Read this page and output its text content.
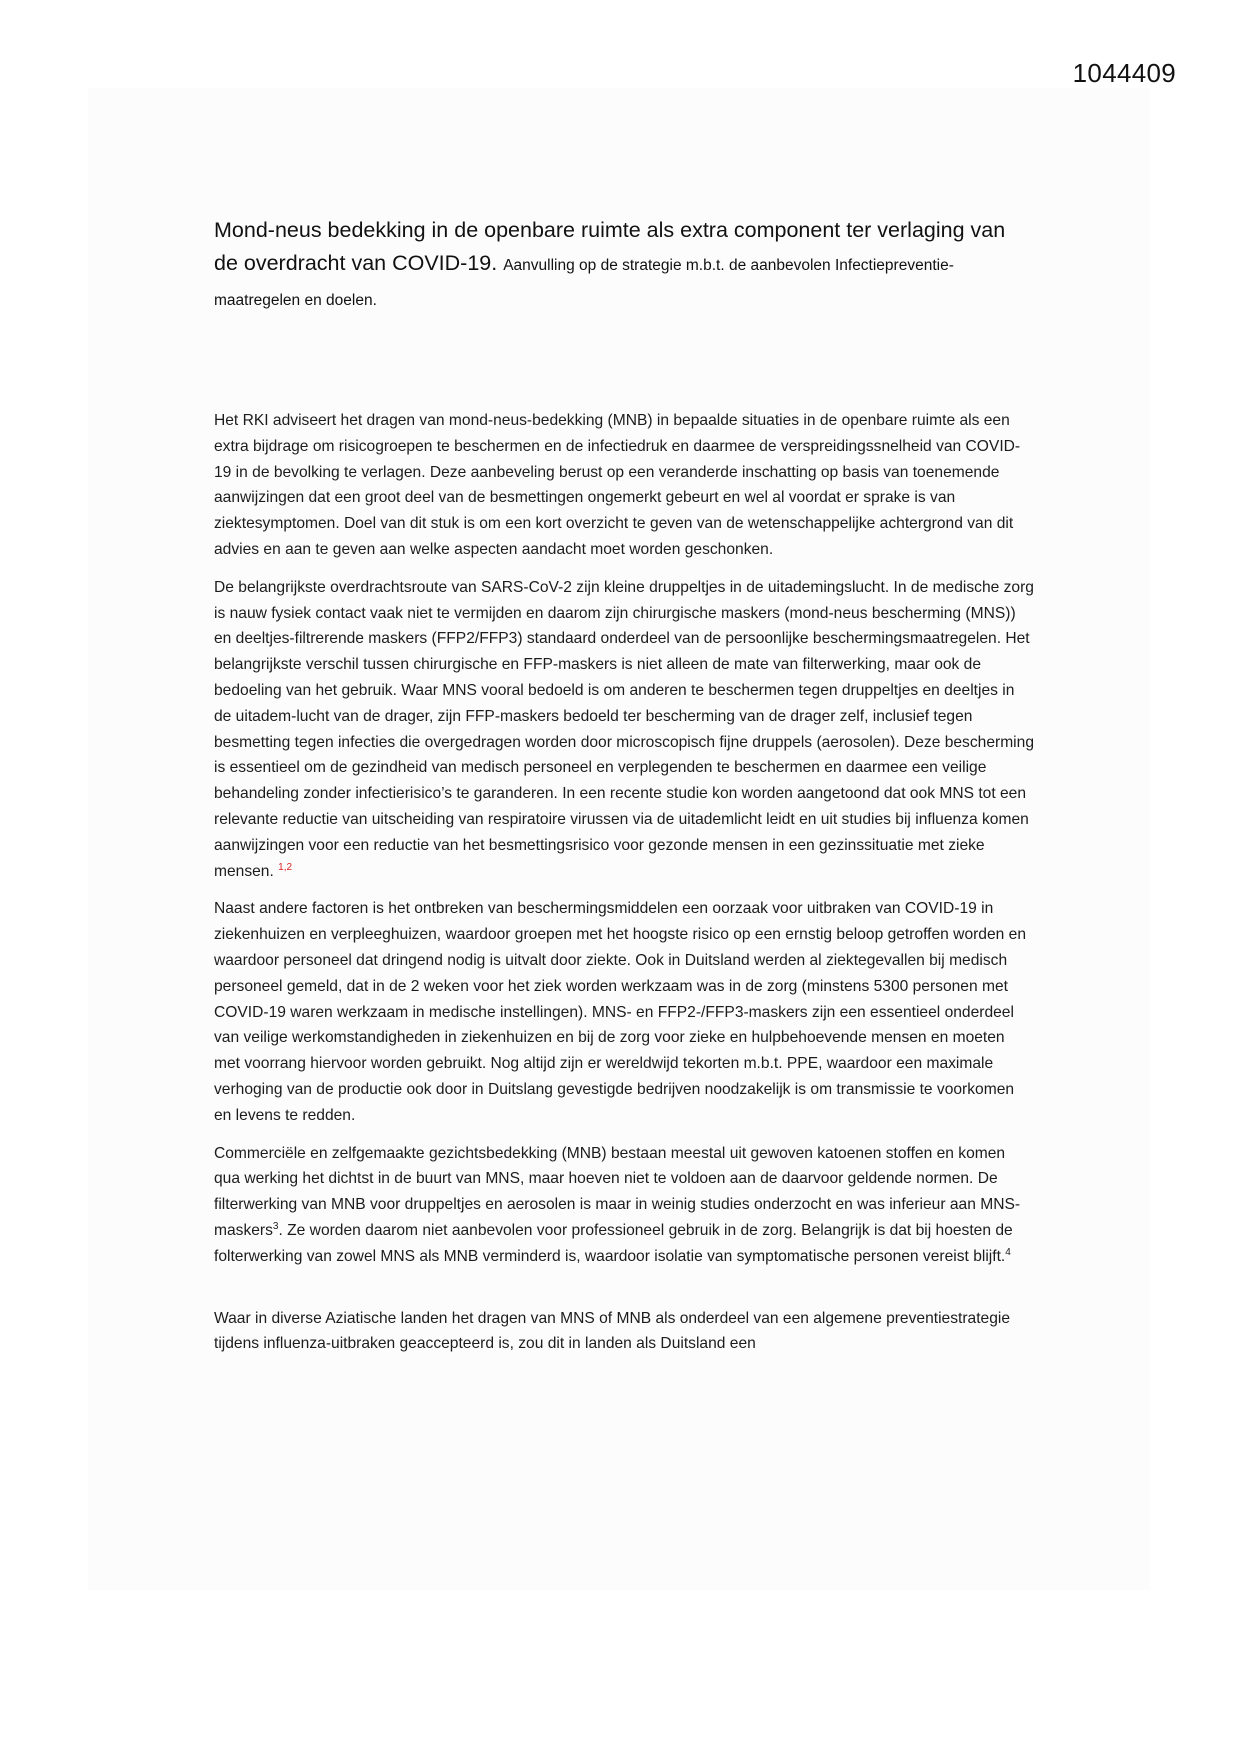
1044409
Mond-neus bedekking in de openbare ruimte als extra component ter verlaging van de overdracht van COVID-19. Aanvulling op de strategie m.b.t. de aanbevolen Infectiepreventie-maatregelen en doelen.

Het RKI adviseert het dragen van mond-neus-bedekking (MNB) in bepaalde situaties in de openbare ruimte als een extra bijdrage om risicogroepen te beschermen en de infectiedruk en daarmee de verspreidingssnelheid van COVID-19 in de bevolking te verlagen. Deze aanbeveling berust op een veranderde inschatting op basis van toenemende aanwijzingen dat een groot deel van de besmettingen ongemerkt gebeurt en wel al voordat er sprake is van ziektesymptomen. Doel van dit stuk is om een kort overzicht te geven van de wetenschappelijke achtergrond van dit advies en aan te geven aan welke aspecten aandacht moet worden geschonken.

De belangrijkste overdrachtsroute van SARS-CoV-2 zijn kleine druppeltjes in de uitademingslucht. In de medische zorg is nauw fysiek contact vaak niet te vermijden en daarom zijn chirurgische maskers (mond-neus bescherming (MNS)) en deeltjes-filtrerende maskers (FFP2/FFP3) standaard onderdeel van de persoonlijke beschermingsmaatregelen. Het belangrijkste verschil tussen chirurgische en FFP-maskers is niet alleen de mate van filterwerking, maar ook de bedoeling van het gebruik. Waar MNS vooral bedoeld is om anderen te beschermen tegen druppeltjes en deeltjes in de uitadem-lucht van de drager, zijn FFP-maskers bedoeld ter bescherming van de drager zelf, inclusief tegen besmetting tegen infecties die overgedragen worden door microscopisch fijne druppels (aerosolen). Deze bescherming is essentieel om de gezindheid van medisch personeel en verplegenden te beschermen en daarmee een veilige behandeling zonder infectierisico’s te garanderen. In een recente studie kon worden aangetoond dat ook MNS tot een relevante reductie van uitscheiding van respiratoire virussen via de uitademlicht leidt en uit studies bij influenza komen aanwijzingen voor een reductie van het besmettingsrisico voor gezonde mensen in een gezinssituatie met zieke mensen. $^{1,2}$

Naast andere factoren is het ontbreken van beschermingsmiddelen een oorzaak voor uitbraken van COVID-19 in ziekenhuizen en verpleeghuizen, waardoor groepen met het hoogste risico op een ernstig beloop getroffen worden en waardoor personeel dat dringend nodig is uitvalt door ziekte. Ook in Duitsland werden al ziektegevallen bij medisch personeel gemeld, dat in de 2 weken voor het ziek worden werkzaam was in de zorg (minstens 5300 personen met COVID-19 waren werkzaam in medische instellingen). MNS- en FFP2-/FFP3-maskers zijn een essentieel onderdeel van veilige werkomstandigheden in ziekenhuizen en bij de zorg voor zieke en hulpbehoevende mensen en moeten met voorrang hiervoor worden gebruikt. Nog altijd zijn er wereldwijd tekorten m.b.t. PPE, waardoor een maximale verhoging van de productie ook door in Duitslang gevestigde bedrijven noodzakelijk is om transmissie te voorkomen en levens te redden.

Commerciële en zelfgemaakte gezichtsbedekking (MNB) bestaan meestal uit gewoven katoenen stoffen en komen qua werking het dichtst in de buurt van MNS, maar hoeven niet te voldoen aan de daarvoor geldende normen. De filterwerking van MNB voor druppeltjes en aerosolen is maar in weinig studies onderzocht en was inferieur aan MNS-maskers$^3$. Ze worden daarom niet aanbevolen voor professioneel gebruik in de zorg. Belangrijk is dat bij hoesten de folterwerking van zowel MNS als MNB verminderd is, waardoor isolatie van symptomatische personen vereist blijft.$^4$

Waar in diverse Aziatische landen het dragen van MNS of MNB als onderdeel van een algemene preventiestrategie tijdens influenza-uitbraken geaccepteerd is, zou dit in landen als Duitsland een
